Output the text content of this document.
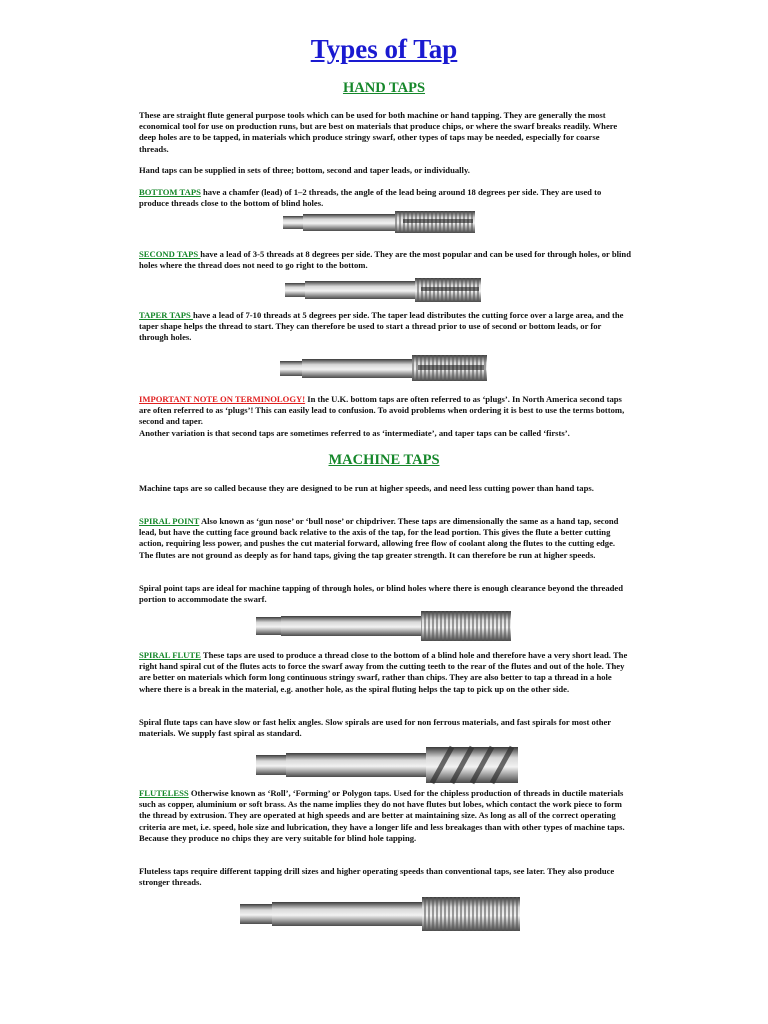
Types of Tap
HAND TAPS

These are straight flute general purpose tools which can be used for both machine or hand tapping. They are generally the most economical tool for use on production runs, but are best on materials that produce chips, or where the swarf breaks readily. Where deep holes are to be tapped, in materials which produce stringy swarf, other types of taps may be needed, especially for coarse threads.

Hand taps can be supplied in sets of three; bottom, second and taper leads, or individually.

BOTTOM TAPS have a chamfer (lead) of 1–2 threads, the angle of the lead being around 18 degrees per side. They are used to produce threads close to the bottom of blind holes.

SECOND TAPS have a lead of 3-5 threads at 8 degrees per side. They are the most popular and can be used for through holes, or blind holes where the thread does not need to go right to the bottom.

TAPER TAPS have a lead of 7-10 threads at 5 degrees per side. The taper lead distributes the cutting force over a large area, and the taper shape helps the thread to start. They can therefore be used to start a thread prior to use of second or bottom leads, or for through holes.

IMPORTANT NOTE ON TERMINOLOGY! In the U.K. bottom taps are often referred to as ‘plugs’. In North America second taps are often referred to as ‘plugs’! This can easily lead to confusion. To avoid problems when ordering it is best to use the terms bottom, second and taper.
Another variation is that second taps are sometimes referred to as ‘intermediate’, and taper taps can be called ‘firsts’.

MACHINE TAPS

Machine taps are so called because they are designed to be run at higher speeds, and need less cutting power than hand taps.

SPIRAL POINT Also known as ‘gun nose’ or ‘bull nose’ or chipdriver. These taps are dimensionally the same as a hand tap, second lead, but have the cutting face ground back relative to the axis of the tap, for the lead portion. This gives the flute a better cutting action, requiring less power, and pushes the cut material forward, allowing free flow of coolant along the flutes to the cutting edge. The flutes are not ground as deeply as for hand taps, giving the tap greater strength. It can therefore be run at higher speeds.

Spiral point taps are ideal for machine tapping of through holes, or blind holes where there is enough clearance beyond the threaded portion to accommodate the swarf.

SPIRAL FLUTE These taps are used to produce a thread close to the bottom of a blind hole and therefore have a very short lead. The right hand spiral cut of the flutes acts to force the swarf away from the cutting teeth to the rear of the flutes and out of the hole. They are better on materials which form long continuous stringy swarf, rather than chips. They are also better to tap a thread in a hole where there is a break in the material, e.g. another hole, as the spiral fluting helps the tap to pick up on the other side.

Spiral flute taps can have slow or fast helix angles. Slow spirals are used for non ferrous materials, and fast spirals for most other materials. We supply fast spiral as standard.

FLUTELESS Otherwise known as ‘Roll’, ‘Forming’ or Polygon taps. Used for the chipless production of threads in ductile materials such as copper, aluminium or soft brass. As the name implies they do not have flutes but lobes, which contact the work piece to form the thread by extrusion. They are operated at high speeds and are better at maintaining size. As long as all of the correct operating criteria are met, i.e. speed, hole size and lubrication, they have a longer life and less breakages than with other types of machine taps. Because they produce no chips they are very suitable for blind hole tapping.

Fluteless taps require different tapping drill sizes and higher operating speeds than conventional taps, see later. They also produce stronger threads.
